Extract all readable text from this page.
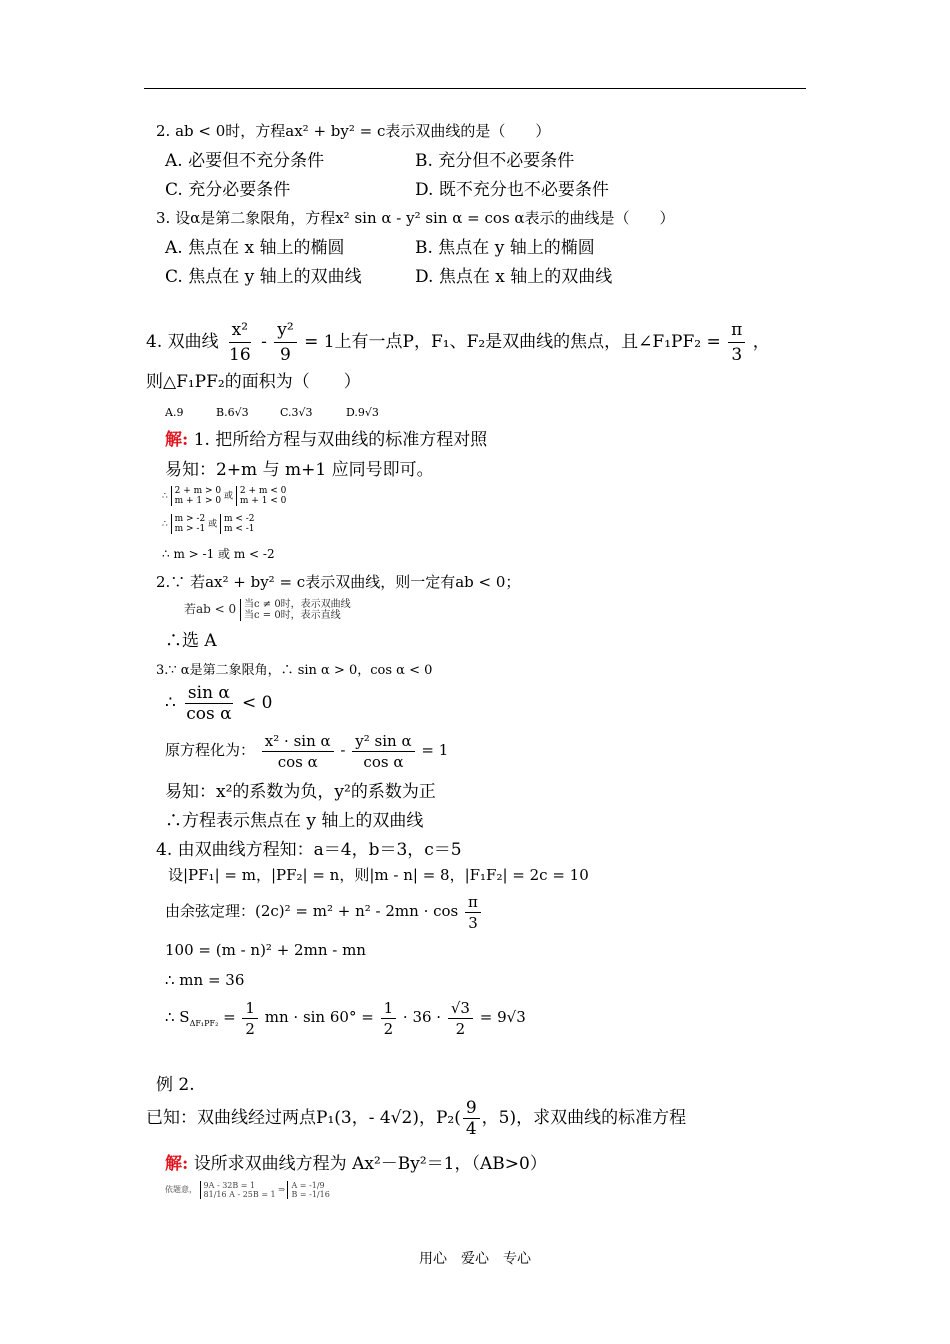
2. ab < 0时，方程ax² + by² = c表示双曲线的是（　　）
A. 必要但不充分条件	B. 充分但不必要条件
C. 充分必要条件	D. 既不充分也不必要条件
3. 设α是第二象限角，方程x² sin α - y² sin α = cos α表示的曲线是（　　）
A. 焦点在 x 轴上的椭圆	B. 焦点在 y 轴上的椭圆
C. 焦点在 y 轴上的双曲线	D. 焦点在 x 轴上的双曲线
4. 双曲线 $\frac{\text{x²}}{16} - \frac{\text{y²}}{9} = 1$上有一点P，F₁、F₂是双曲线的焦点，且∠F₁PF₂ = $\frac{\pi}{3}$ ，
则△F₁PF₂的面积为（　　）
A.9	B.6√3	C.3√3	D.9√3
解: 1. 把所给方程与双曲线的标准方程对照
易知：2+m 与 m+1 应同号即可。
∴ 2 + m > 0
m + 1 > 0 或 2 + m < 0
m + 1 < 0
∴ m > -2
m > -1 或 m < -2
m < -1
∴ m > -1 或 m < -2
2.∵ 若ax² + by² = c表示双曲线，则一定有ab < 0；
若ab < 0 当c ≠ 0时，表示双曲线
当c = 0时，表示直线
∴选 A
3.∵ α是第二象限角，∴ sin α > 0，cos α < 0
∴ $\frac{\text{sin α}}{\text{cos α}} < 0$
原方程化为： $\frac{\text{x² · sin α}}{\text{cos α}} - \frac{\text{y² sin α}}{\text{cos α}} = 1$
易知：x²的系数为负，y²的系数为正
∴方程表示焦点在 y 轴上的双曲线
4. 由双曲线方程知：a＝4，b＝3，c＝5
设|PF₁| = m，|PF₂| = n，则|m - n| = 8，|F₁F₂| = 2c = 10
由余弦定理：$(2c)^2 = m^2 + n^2 - 2mn \cdot \cos \frac{\pi}{3}$
100 = (m - n)² + 2mn - mn
∴ mn = 36
∴ $S_{\Delta F_1PF_2} = \frac{1}{2}$ mn · $\sin 60^\circ = \frac{1}{2} \cdot 36 \cdot \frac{√3}{2} = 9√3$
例 2.
已知：双曲线经过两点P₁(3，- 4√2)，$P_2( \frac{9}{4}$ ，5)，求双曲线的标准方程
解: 设所求双曲线方程为 Ax²－By²＝1，（AB>0）
依题意， 9A - 32B = 1
81/16 A - 25B = 1 ⇒ A = -1/9
B = -1/16
用心　爱心　专心
